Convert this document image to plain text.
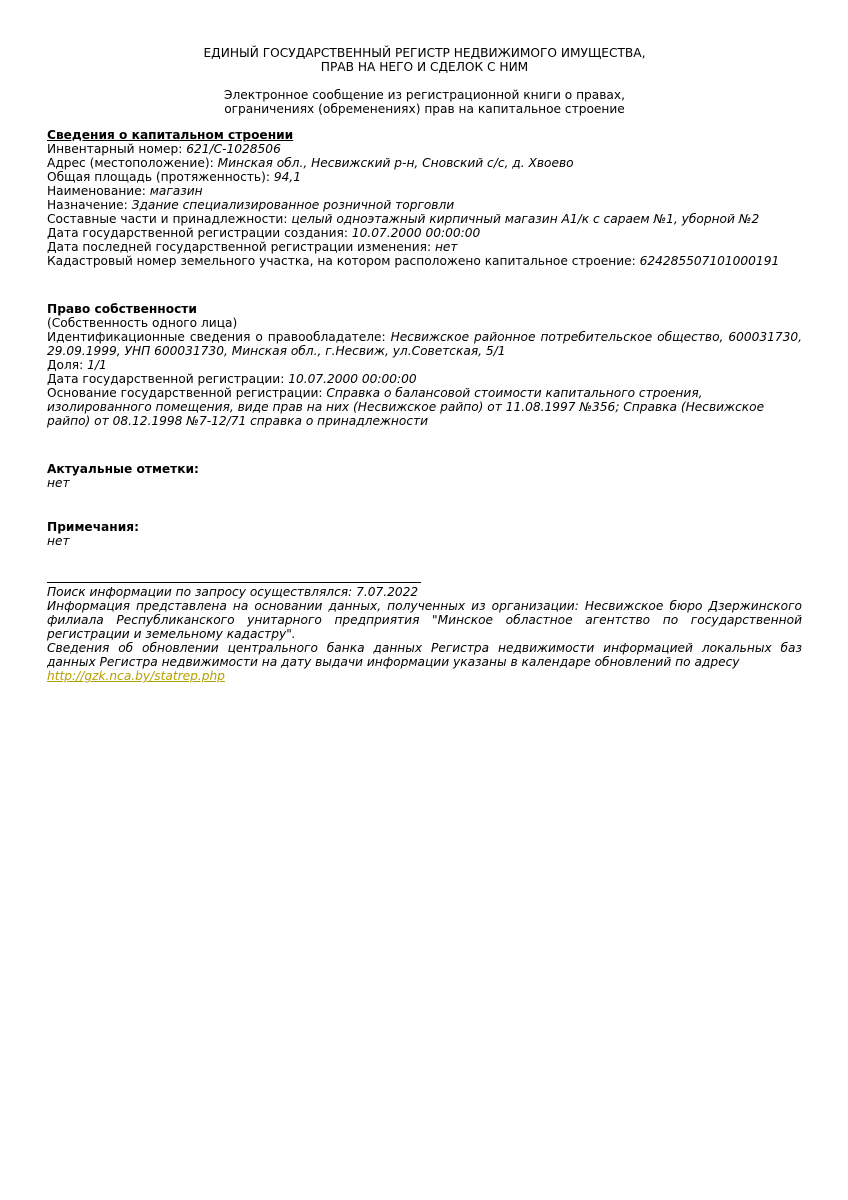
ЕДИНЫЙ ГОСУДАРСТВЕННЫЙ РЕГИСТР НЕДВИЖИМОГО ИМУЩЕСТВА,
ПРАВ НА НЕГО И СДЕЛОК С НИМ
Электронное сообщение из регистрационной книги о правах,
ограничениях (обременениях) прав на капитальное строение
Сведения о капитальном строении
Инвентарный номер: 621/С-1028506
Адрес (местоположение): Минская обл., Несвижский р-н, Сновский с/с, д. Хвоево
Общая площадь (протяженность): 94,1
Наименование: магазин
Назначение: Здание специализированное розничной торговли
Составные части и принадлежности: целый одноэтажный кирпичный магазин А1/к с сараем №1, уборной №2
Дата государственной регистрации создания: 10.07.2000 00:00:00
Дата последней государственной регистрации изменения: нет
Кадастровый номер земельного участка, на котором расположено капитальное строение: 624285507101000191
Право собственности
(Собственность одного лица)
Идентификационные сведения о правообладателе: Несвижское районное потребительское общество, 600031730, 29.09.1999, УНП 600031730, Минская обл., г.Несвиж, ул.Советская, 5/1
Доля: 1/1
Дата государственной регистрации: 10.07.2000 00:00:00
Основание государственной регистрации: Справка о балансовой стоимости капитального строения, изолированного помещения, виде прав на них (Несвижское райпо) от 11.08.1997 №356; Справка (Несвижское райпо) от 08.12.1998 №7-12/71 справка о принадлежности
Актуальные отметки:
нет
Примечания:
нет
Поиск информации по запросу осуществлялся: 7.07.2022
Информация представлена на основании данных, полученных из организации: Несвижское бюро Дзержинского филиала Республиканского унитарного предприятия "Минское областное агентство по государственной регистрации и земельному кадастру".
Сведения об обновлении центрального банка данных Регистра недвижимости информацией локальных баз данных Регистра недвижимости на дату выдачи информации указаны в календаре обновлений по адресу
http://gzk.nca.by/statrep.php
